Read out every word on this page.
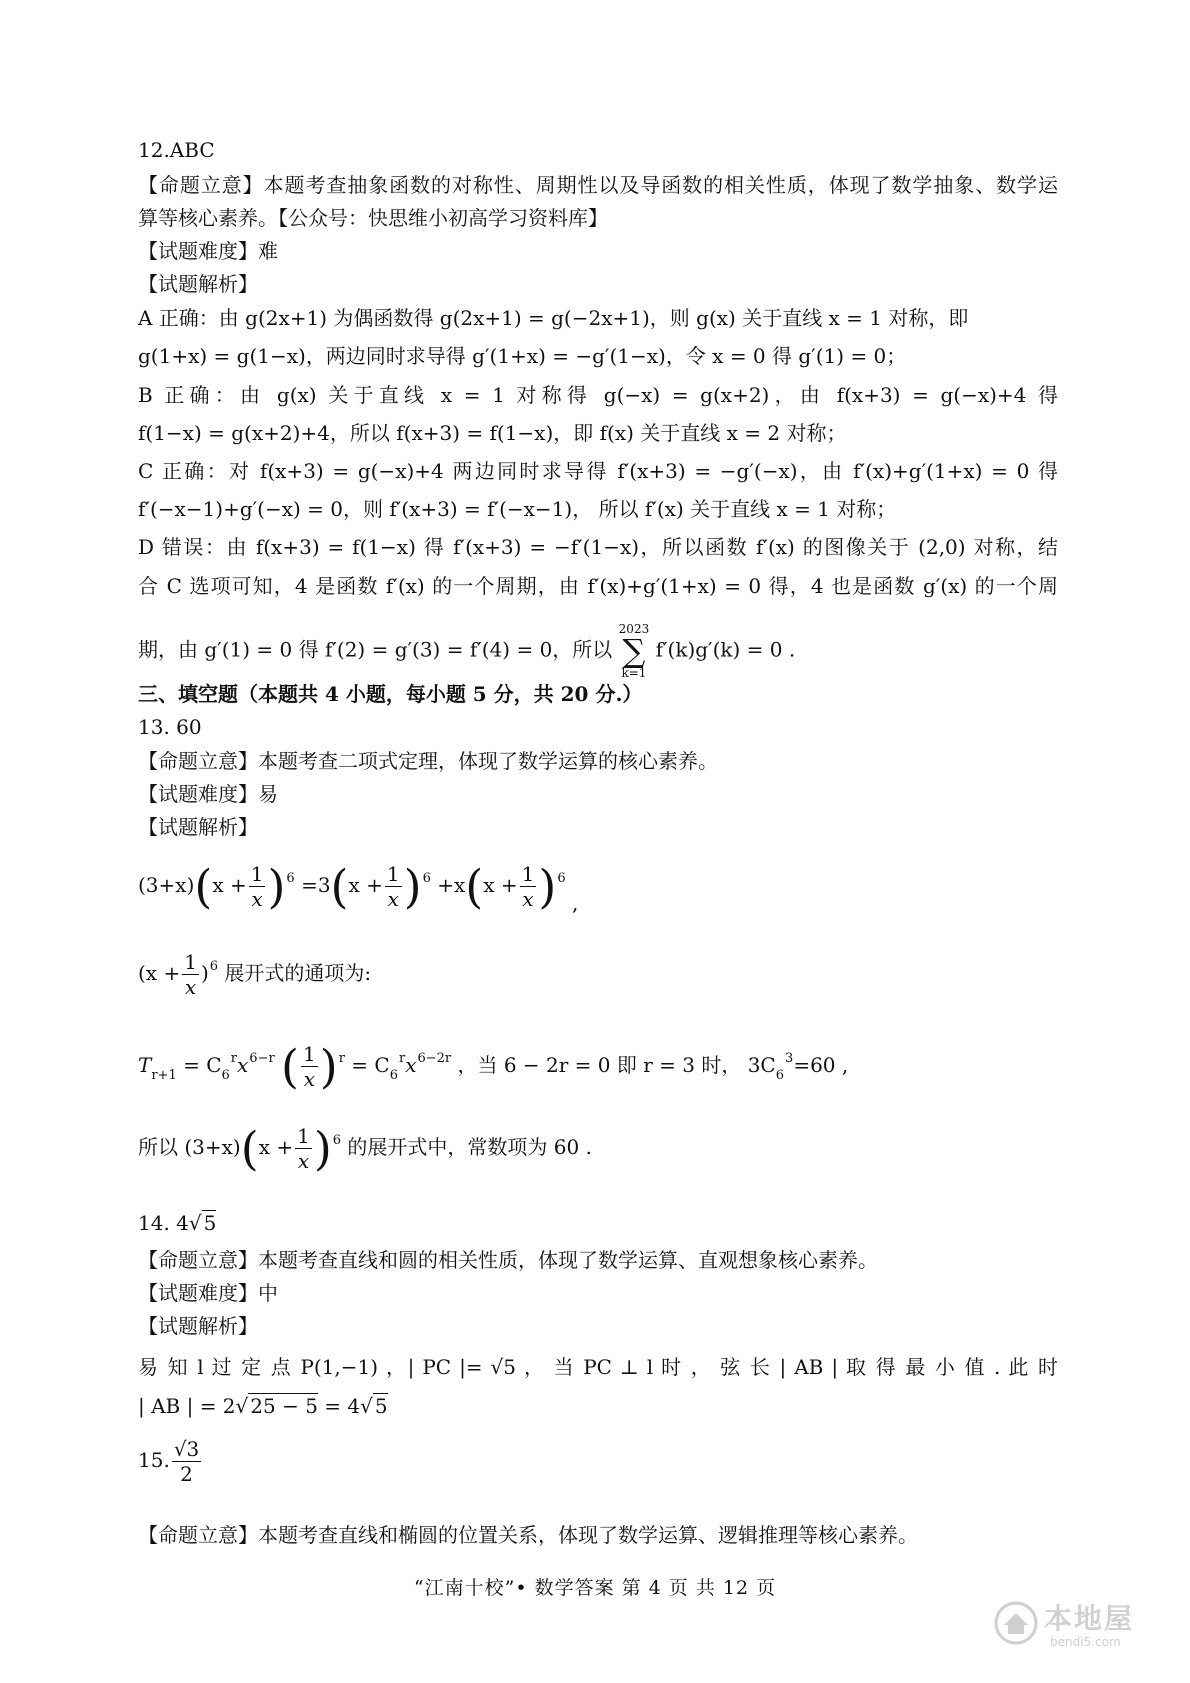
12.ABC
【命题立意】本题考查抽象函数的对称性、周期性以及导函数的相关性质，体现了数学抽象、数学运
算等核心素养。【公众号：快思维小初高学习资料库】
【试题难度】难
【试题解析】
A 正确：由 g(2x+1) 为偶函数得 g(2x+1) = g(−2x+1)，则 g(x) 关于直线 x = 1 对称，即
g(1+x) = g(1−x)，两边同时求导得 g′(1+x) = −g′(1−x)，令 x = 0 得 g′(1) = 0；
B 正确：由 g(x) 关于直线 x = 1 对称得 g(−x) = g(x+2)，由 f(x+3) = g(−x)+4 得
f(1−x) = g(x+2)+4，所以 f(x+3) = f(1−x)，即 f(x) 关于直线 x = 2 对称；
C 正确：对 f(x+3) = g(−x)+4 两边同时求导得 f′(x+3) = −g′(−x)，由 f′(x)+g′(1+x) = 0 得
f′(−x−1)+g′(−x) = 0，则 f′(x+3) = f′(−x−1)， 所以 f′(x) 关于直线 x = 1 对称；
D 错误：由 f(x+3) = f(1−x) 得 f′(x+3) = −f′(1−x)，所以函数 f′(x) 的图像关于 (2,0) 对称，结
合 C 选项可知，4 是函数 f′(x) 的一个周期，由 f′(x)+g′(1+x) = 0 得，4 也是函数 g′(x) 的一个周
期，由 g′(1) = 0 得 f′(2) = g′(3) = f′(4) = 0，所以
2023
∑
k=1
f′(k)g′(k) = 0 .
三、填空题（本题共 4 小题，每小题 5 分，共 20 分.）
13. 60
【命题立意】本题考查二项式定理，体现了数学运算的核心素养。
【试题难度】易
【试题解析】
$(3+x)(x + \frac{1}{x} )^6 =3(x + \frac{1}{x} )^6 +x(x + \frac{1}{x} )^6$ ,
$(x + \frac{1}{x} )^6$ 展开式的通项为:
$T_{r+1} = C_6^rx^{6-r}$ ( $\frac{1}{x} )^r = C_6^rx^{6-2r}$ ，当 6 − 2r = 0 即 r = 3 时， $3C_6^3=60$ ,
所以 $(3+x)(x + \frac{1}{x} )^6$ 的展开式中，常数项为 60 .
14. 4√ 5
【命题立意】本题考查直线和圆的相关性质，体现了数学运算、直观想象核心素养。
【试题难度】中
【试题解析】
易 知 l 过 定 点 P(1,−1) ，| PC |= √5 ， 当 PC ⊥ l 时 ， 弦 长 | AB | 取 得 最 小 值 . 此 时
| AB | = 2√ 25 − 5 = 4√ 5
15. $\frac{√3}{2}$
【命题立意】本题考查直线和椭圆的位置关系，体现了数学运算、逻辑推理等核心素养。
“江南十校”• 数学答案 第 4 页 共 12 页
本地屋
bendi5.com
